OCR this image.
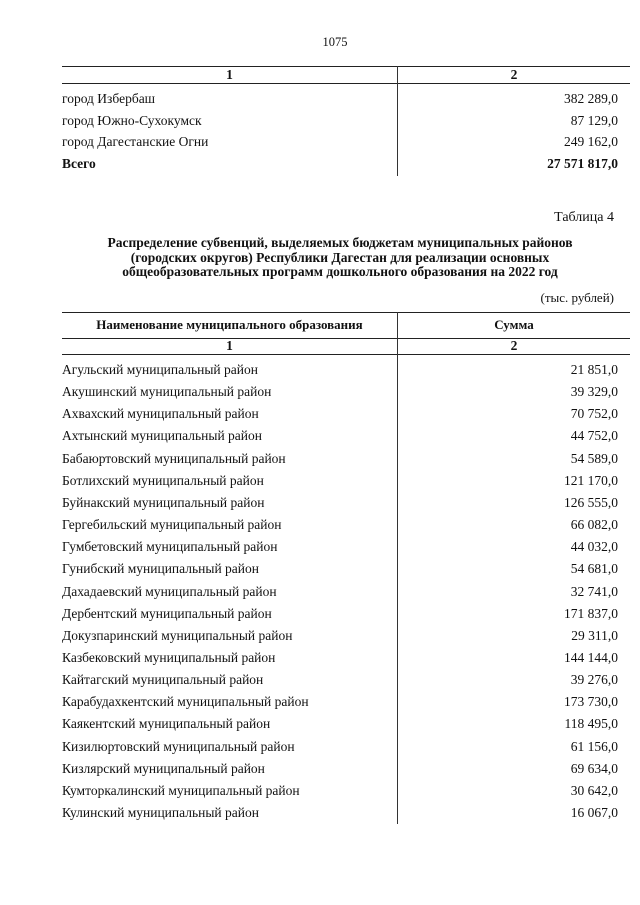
1075
1	2
город Избербаш	382 289,0
город Южно-Сухокумск	87 129,0
город Дагестанские Огни	249 162,0
Всего	27 571 817,0
Таблица 4
Распределение субвенций, выделяемых бюджетам муниципальных районов
(городских округов) Республики Дагестан для реализации основных
общеобразовательных программ дошкольного образования на 2022 год
(тыс. рублей)
Наименование муниципального образования	Сумма
1	2
Агульский муниципальный район	21 851,0
Акушинский муниципальный район	39 329,0
Ахвахский муниципальный район	70 752,0
Ахтынский муниципальный район	44 752,0
Бабаюртовский муниципальный район	54 589,0
Ботлихский муниципальный район	121 170,0
Буйнакский муниципальный район	126 555,0
Гергебильский муниципальный район	66 082,0
Гумбетовский муниципальный район	44 032,0
Гунибский муниципальный район	54 681,0
Дахадаевский муниципальный район	32 741,0
Дербентский муниципальный район	171 837,0
Докузпаринский муниципальный район	29 311,0
Казбековский муниципальный район	144 144,0
Кайтагский муниципальный район	39 276,0
Карабудахкентский муниципальный район	173 730,0
Каякентский муниципальный район	118 495,0
Кизилюртовский муниципальный район	61 156,0
Кизлярский муниципальный район	69 634,0
Кумторкалинский муниципальный район	30 642,0
Кулинский муниципальный район	16 067,0
